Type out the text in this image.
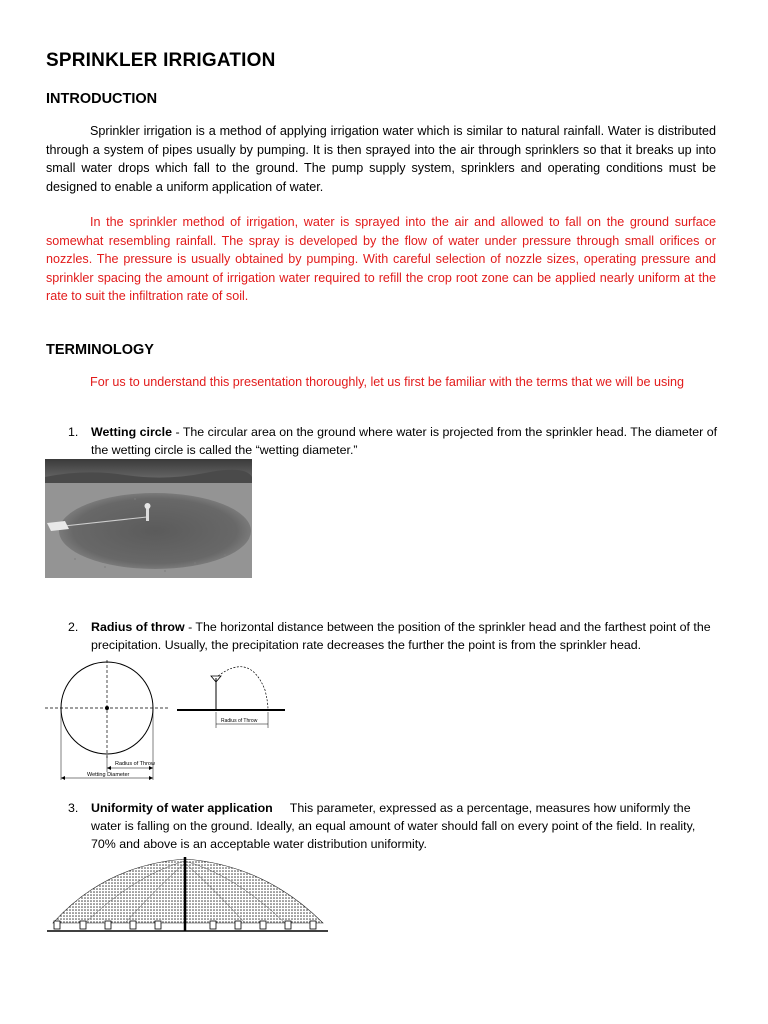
SPRINKLER IRRIGATION
INTRODUCTION

Sprinkler irrigation is a method of applying irrigation water which is similar to natural rainfall. Water is distributed through a system of pipes usually by pumping. It is then sprayed into the air through sprinklers so that it breaks up into small water drops which fall to the ground. The pump supply system, sprinklers and operating conditions must be designed to enable a uniform application of water.

In the sprinkler method of irrigation, water is sprayed into the air and allowed to fall on the ground surface somewhat resembling rainfall. The spray is developed by the flow of water under pressure through small orifices or nozzles. The pressure is usually obtained by pumping. With careful selection of nozzle sizes, operating pressure and sprinkler spacing the amount of irrigation water required to refill the crop root zone can be applied nearly uniform at the rate to suit the infiltration rate of soil.

TERMINOLOGY

For us to understand this presentation thoroughly, let us first be familiar with the terms that we will be using

1. Wetting circle - The circular area on the ground where water is projected from the sprinkler head. The diameter of the wetting circle is called the “wetting diameter.”
2. Radius of throw - The horizontal distance between the position of the sprinkler head and the farthest point of the precipitation. Usually, the precipitation rate decreases the further the point is from the sprinkler head.
Radius of Throw
Wetting Diameter
Radius of Throw
3. Uniformity of water application This parameter, expressed as a percentage, measures how uniformly the water is falling on the ground. Ideally, an equal amount of water should fall on every point of the field. In reality, 70% and above is an acceptable water distribution uniformity.
